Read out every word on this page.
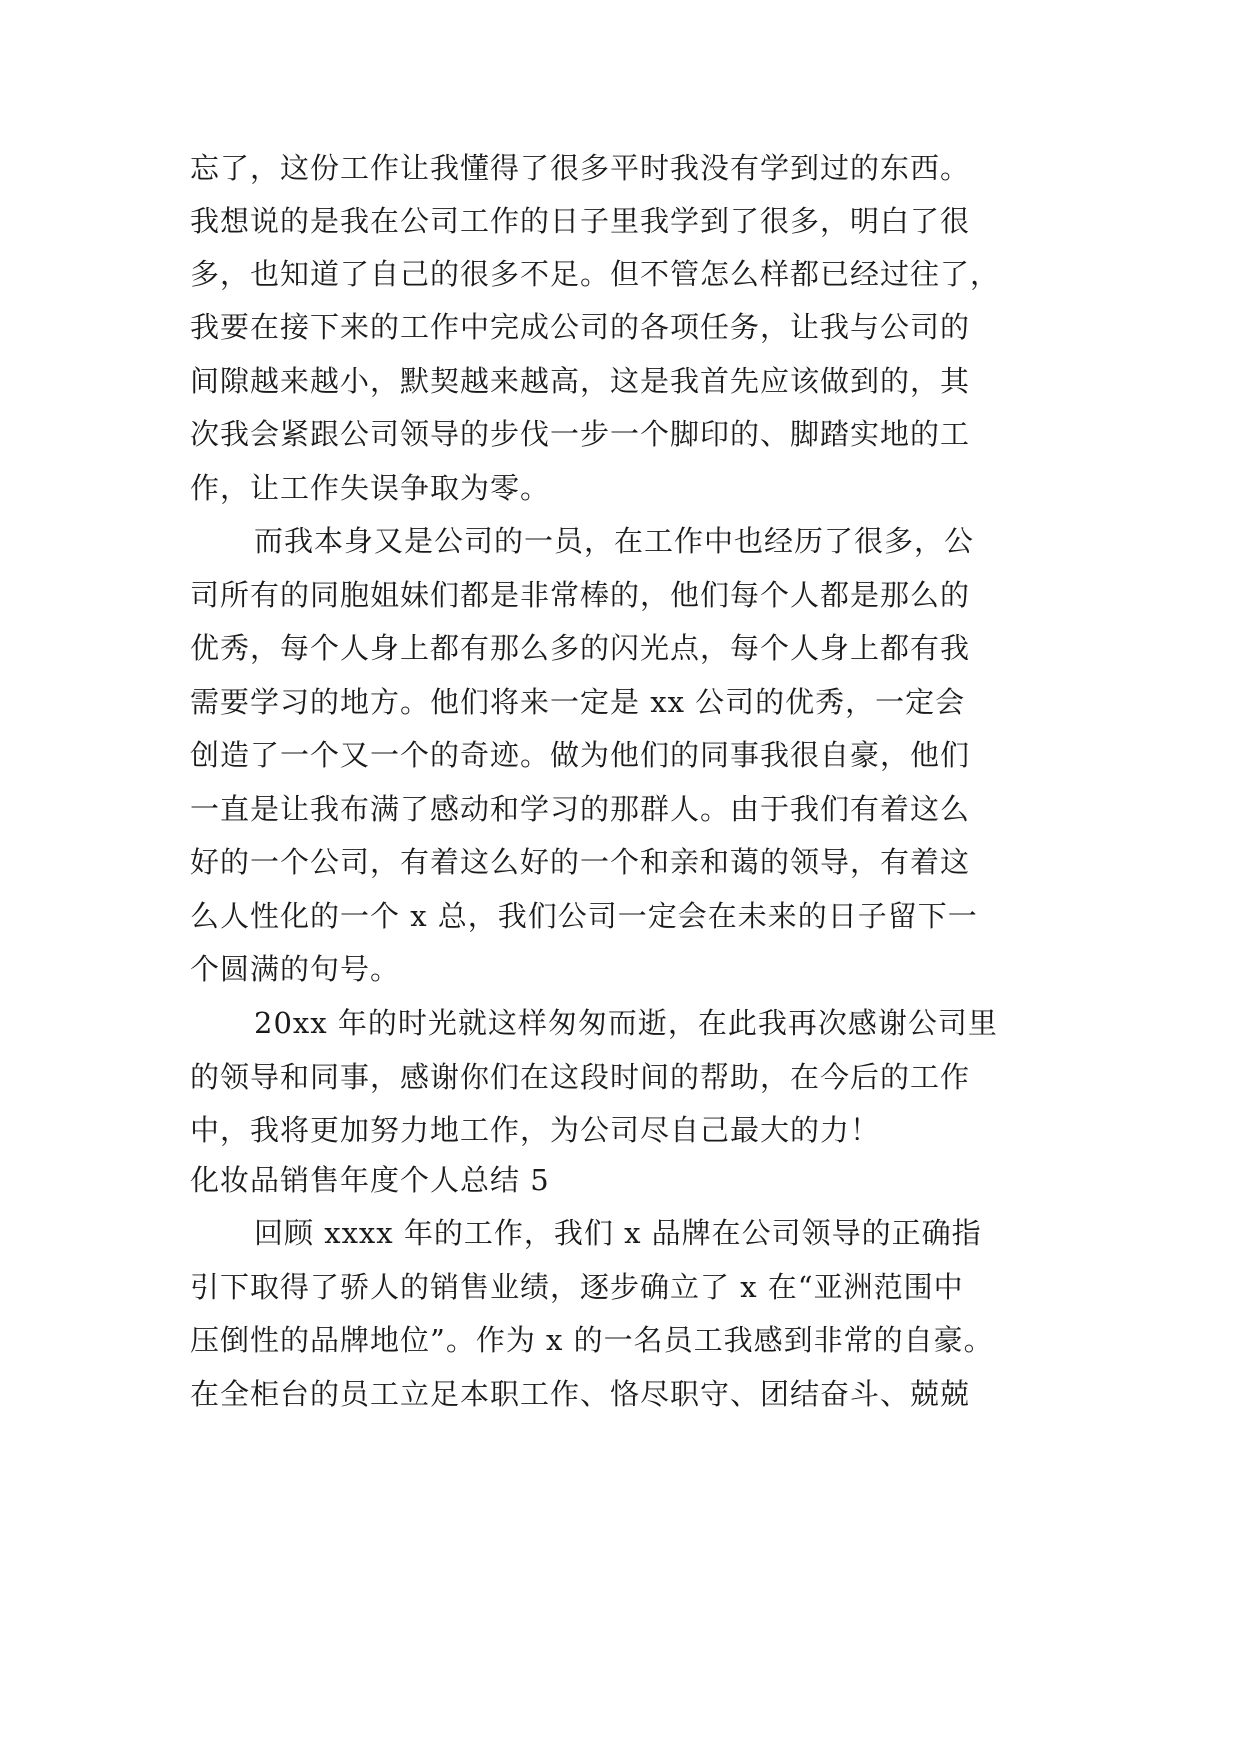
忘了，这份工作让我懂得了很多平时我没有学到过的东西。
我想说的是我在公司工作的日子里我学到了很多，明白了很
多，也知道了自己的很多不足。但不管怎么样都已经过往了，
我要在接下来的工作中完成公司的各项任务，让我与公司的
间隙越来越小，默契越来越高，这是我首先应该做到的，其
次我会紧跟公司领导的步伐一步一个脚印的、脚踏实地的工
作，让工作失误争取为零。
而我本身又是公司的一员，在工作中也经历了很多，公
司所有的同胞姐妹们都是非常棒的，他们每个人都是那么的
优秀，每个人身上都有那么多的闪光点，每个人身上都有我
需要学习的地方。他们将来一定是 xx 公司的优秀，一定会
创造了一个又一个的奇迹。做为他们的同事我很自豪，他们
一直是让我布满了感动和学习的那群人。由于我们有着这么
好的一个公司，有着这么好的一个和亲和蔼的领导，有着这
么人性化的一个 x 总，我们公司一定会在未来的日子留下一
个圆满的句号。
20xx 年的时光就这样匆匆而逝，在此我再次感谢公司里
的领导和同事，感谢你们在这段时间的帮助，在今后的工作
中，我将更加努力地工作，为公司尽自己最大的力！
化妆品销售年度个人总结 5
回顾 xxxx 年的工作，我们 x 品牌在公司领导的正确指
引下取得了骄人的销售业绩，逐步确立了 x 在“亚洲范围中
压倒性的品牌地位”。作为 x 的一名员工我感到非常的自豪。
在全柜台的员工立足本职工作、恪尽职守、团结奋斗、兢兢
